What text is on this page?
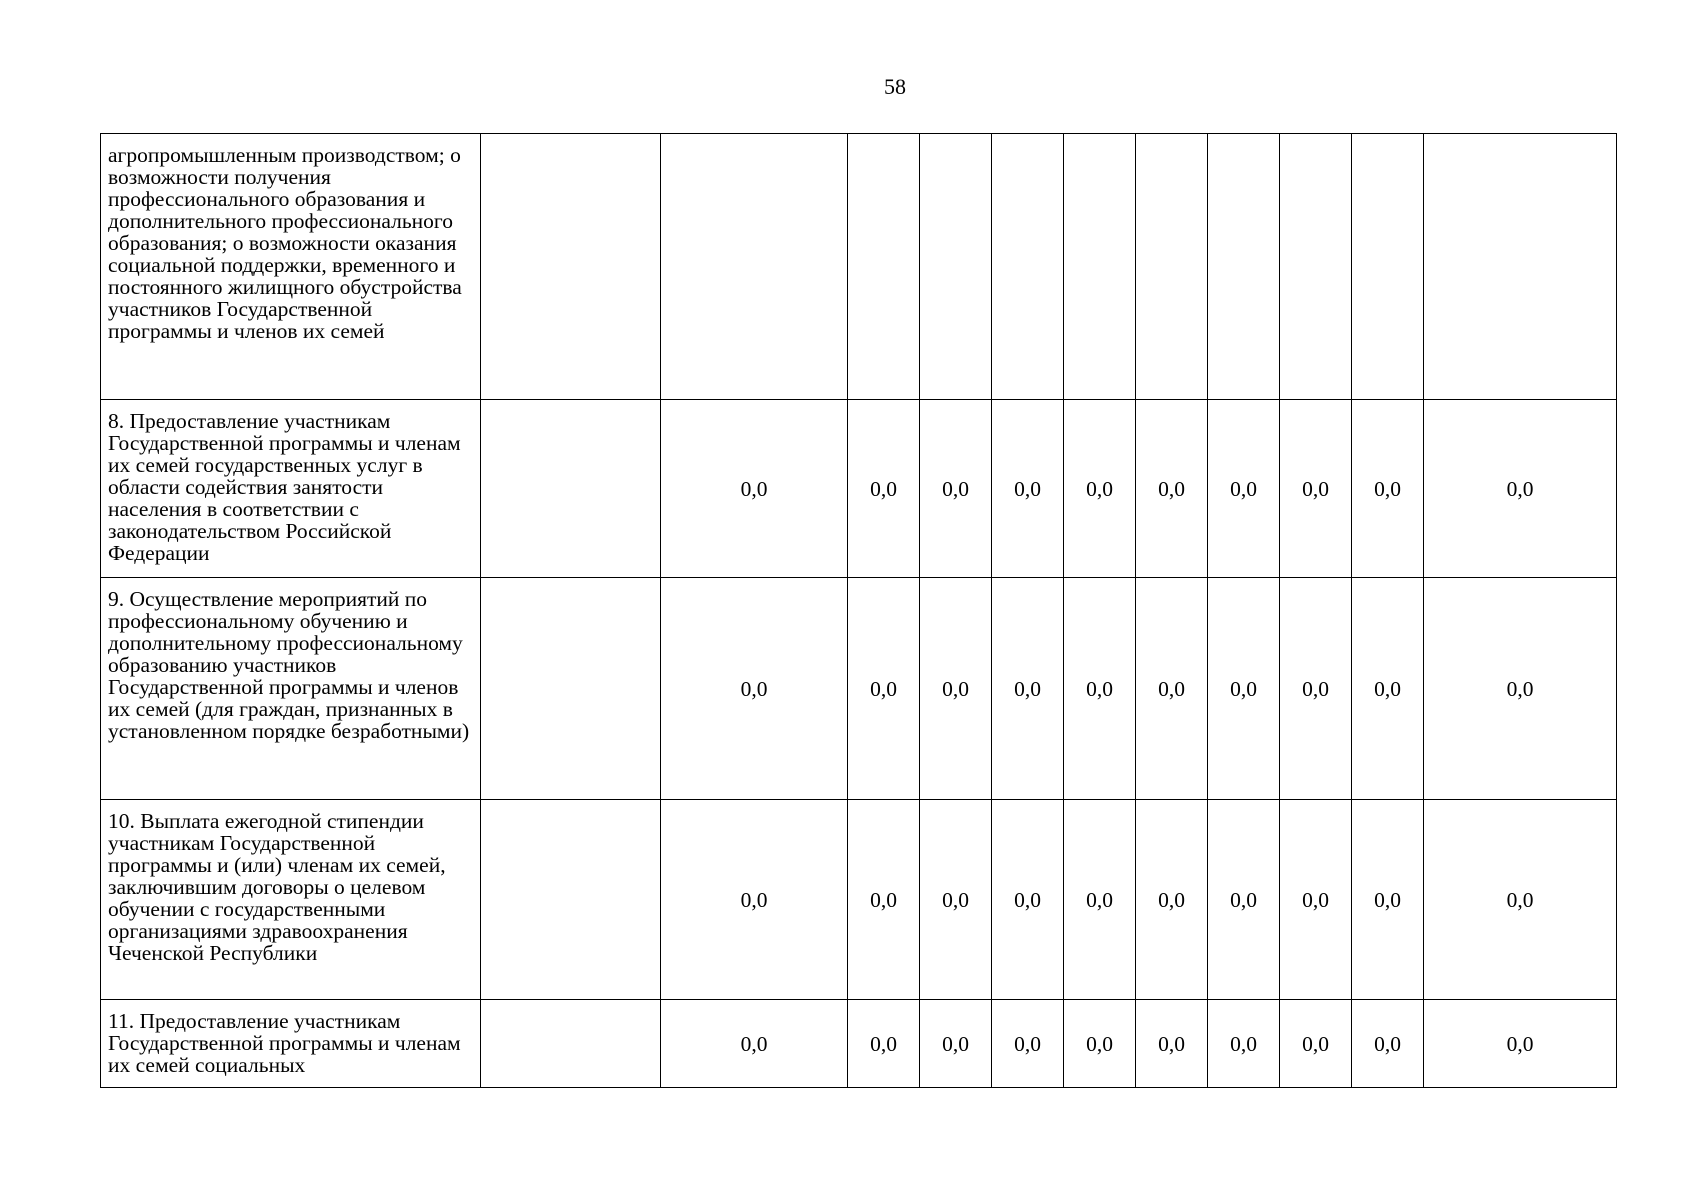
58
агропромышленным производством; о возможности получения профессионального образования и дополнительного профессионального образования; о возможности оказания социальной поддержки, временного и постоянного жилищного обустройства участников Государственной программы и членов их семей											
8. Предоставление участникам Государственной программы и членам их семей государственных услуг в области содействия занятости населения в соответствии с законодательством Российской Федерации		0,0	0,0	0,0	0,0	0,0	0,0	0,0	0,0	0,0	0,0
9. Осуществление мероприятий по профессиональному обучению и дополнительному профессиональному образованию участников Государственной программы и членов их семей (для граждан, признанных в установленном порядке безработными)		0,0	0,0	0,0	0,0	0,0	0,0	0,0	0,0	0,0	0,0
10. Выплата ежегодной стипендии участникам Государственной программы и (или) членам их семей, заключившим договоры о целевом обучении с государственными организациями здравоохранения Чеченской Республики		0,0	0,0	0,0	0,0	0,0	0,0	0,0	0,0	0,0	0,0
11. Предоставление участникам Государственной программы и членам их семей социальных		0,0	0,0	0,0	0,0	0,0	0,0	0,0	0,0	0,0	0,0
